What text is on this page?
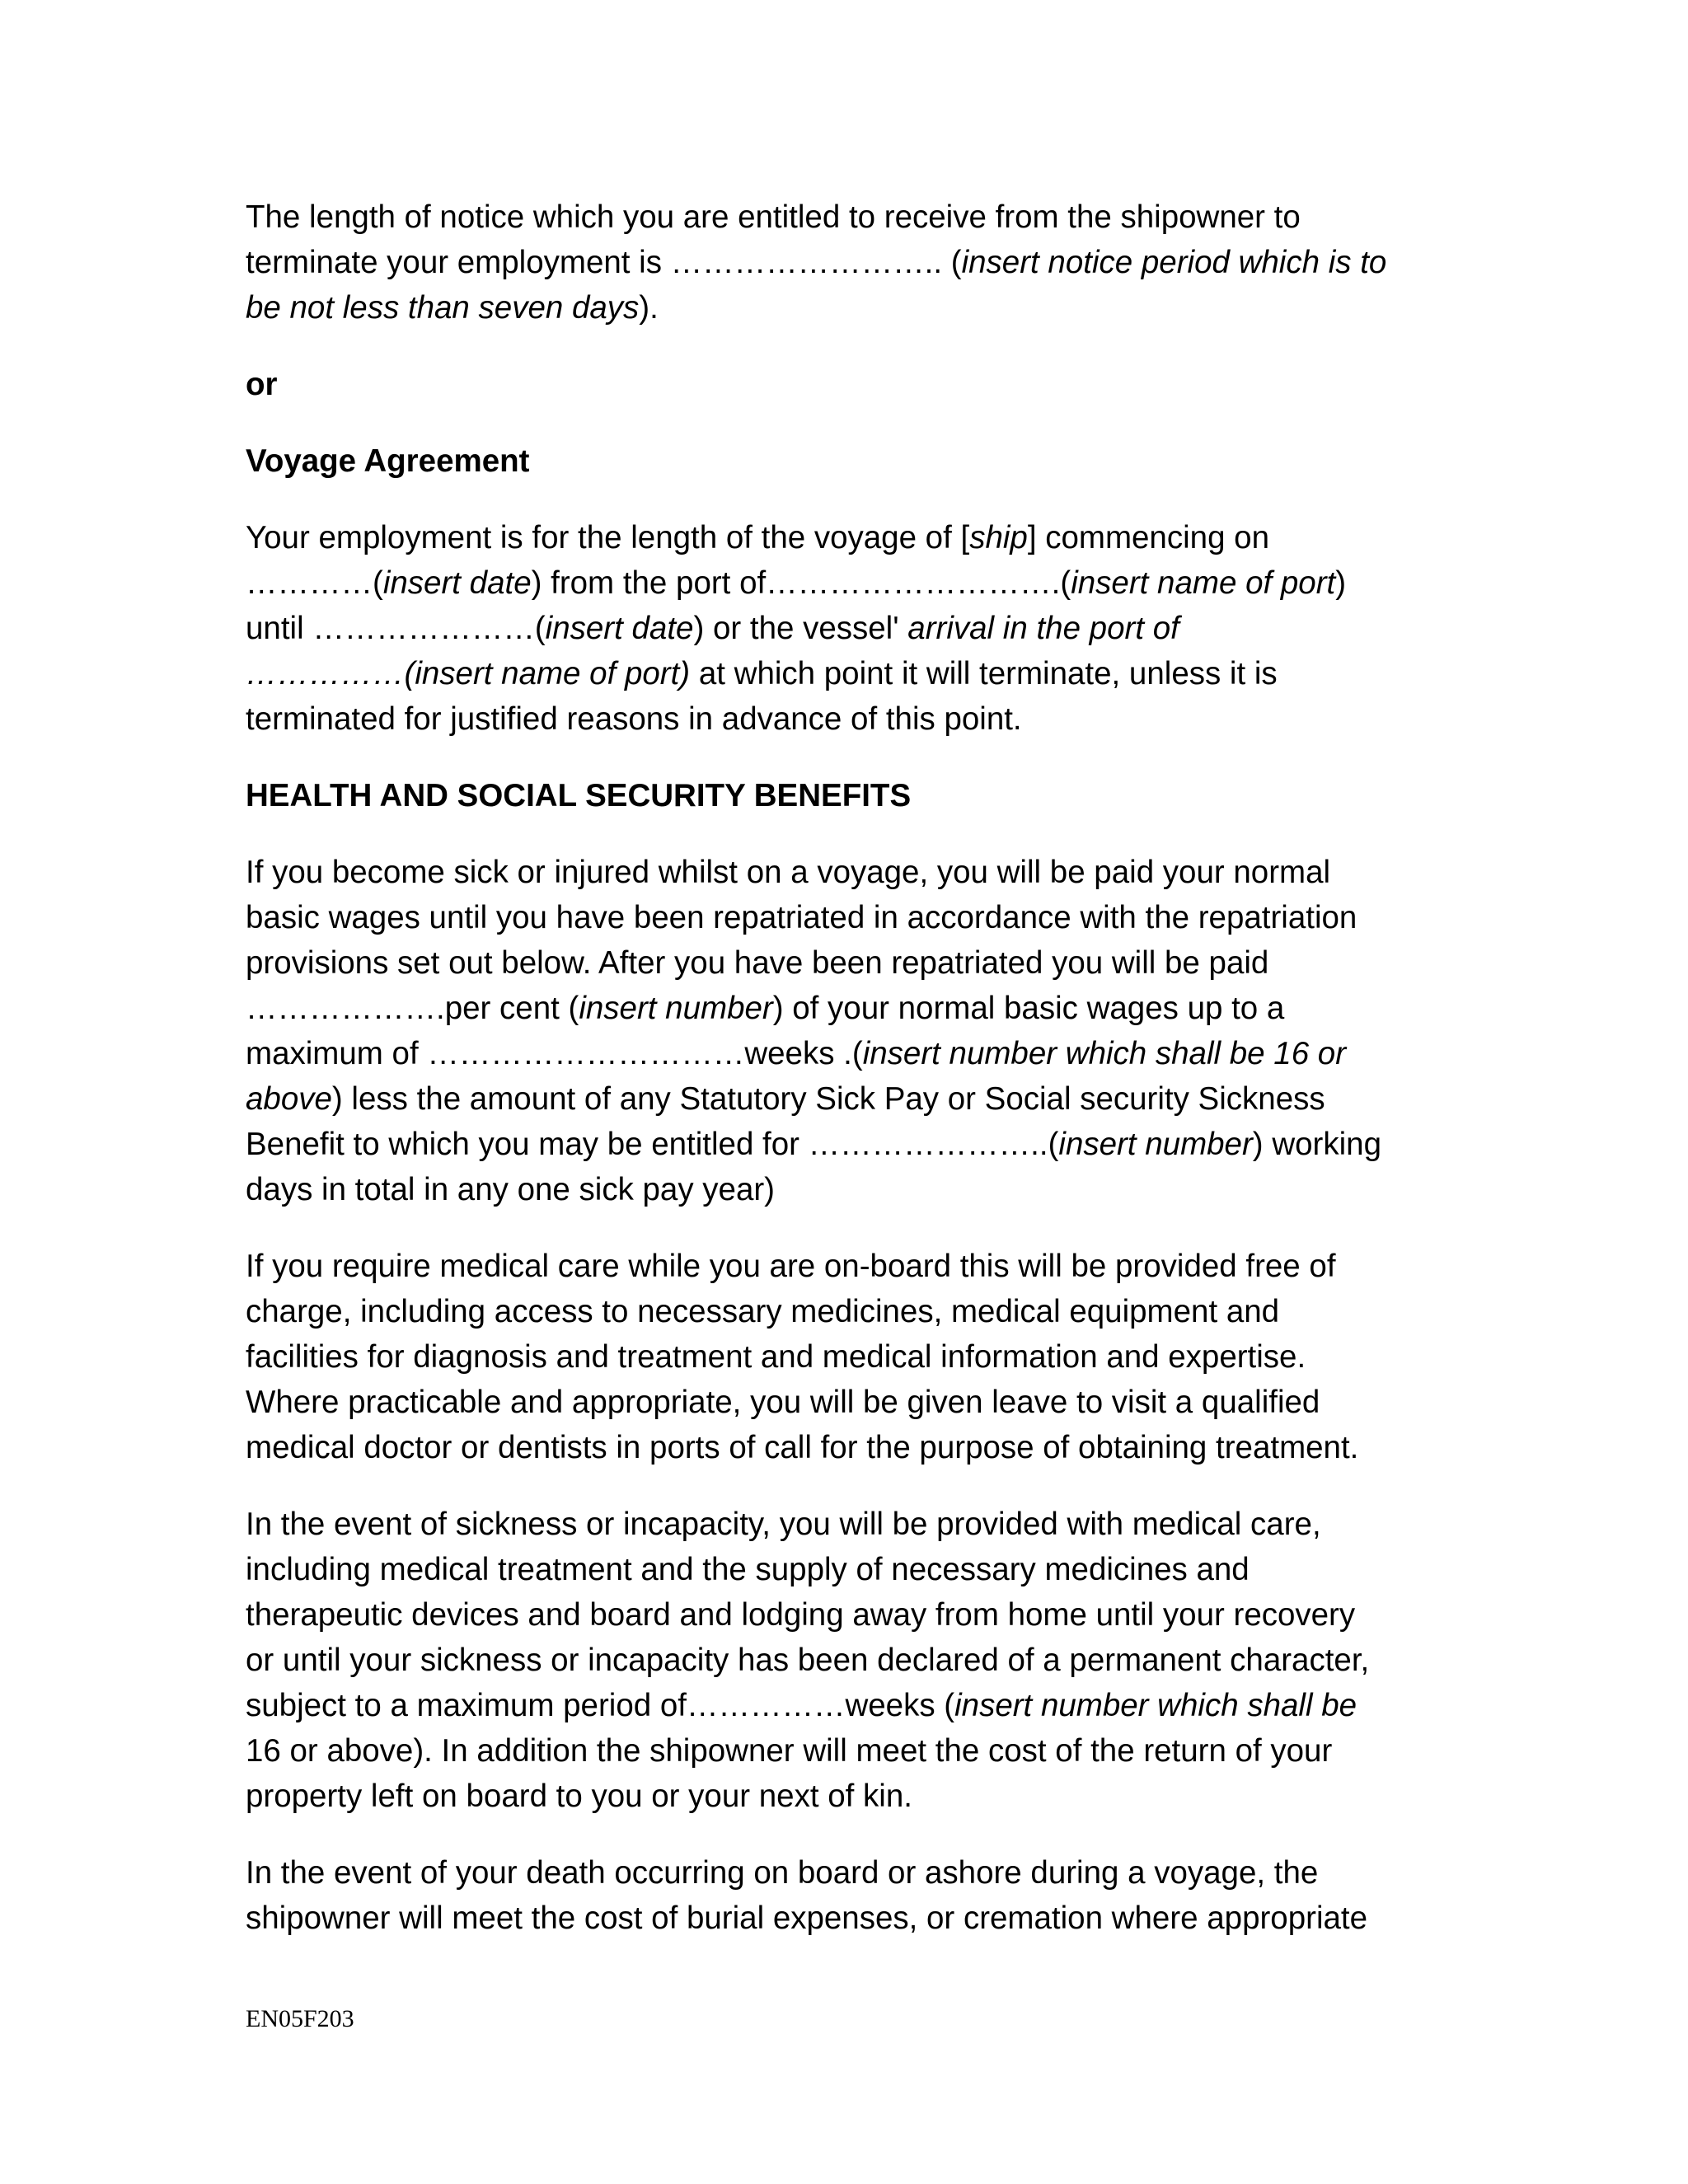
The length of notice which you are entitled to receive from the shipowner to
terminate your employment is …………………….. (insert notice period which is to
be not less than seven days).

or

Voyage Agreement

Your employment is for the length of the voyage of [ship] commencing on
…………(insert date) from the port of……………………….(insert name of port)
until …………………(insert date) or the vessel' arrival in the port of
……………(insert name of port) at which point it will terminate, unless it is
terminated for justified reasons in advance of this point.

HEALTH AND SOCIAL SECURITY BENEFITS

If you become sick or injured whilst on a voyage, you will be paid your normal
basic wages until you have been repatriated in accordance with the repatriation
provisions set out below. After you have been repatriated you will be paid
……………….per cent (insert number) of your normal basic wages up to a
maximum of …………………………weeks .(insert number which shall be 16 or
above) less the amount of any Statutory Sick Pay or Social security Sickness
Benefit to which you may be entitled for …………………..(insert number) working
days in total in any one sick pay year)

If you require medical care while you are on-board this will be provided free of
charge, including access to necessary medicines, medical equipment and
facilities for diagnosis and treatment and medical information and expertise.
Where practicable and appropriate, you will be given leave to visit a qualified
medical doctor or dentists in ports of call for the purpose of obtaining treatment.

In the event of sickness or incapacity, you will be provided with medical care,
including medical treatment and the supply of necessary medicines and
therapeutic devices and board and lodging away from home until your recovery
or until your sickness or incapacity has been declared of a permanent character,
subject to a maximum period of……………weeks (insert number which shall be
16 or above). In addition the shipowner will meet the cost of the return of your
property left on board to you or your next of kin.

In the event of your death occurring on board or ashore during a voyage, the
shipowner will meet the cost of burial expenses, or cremation where appropriate

EN05F203
